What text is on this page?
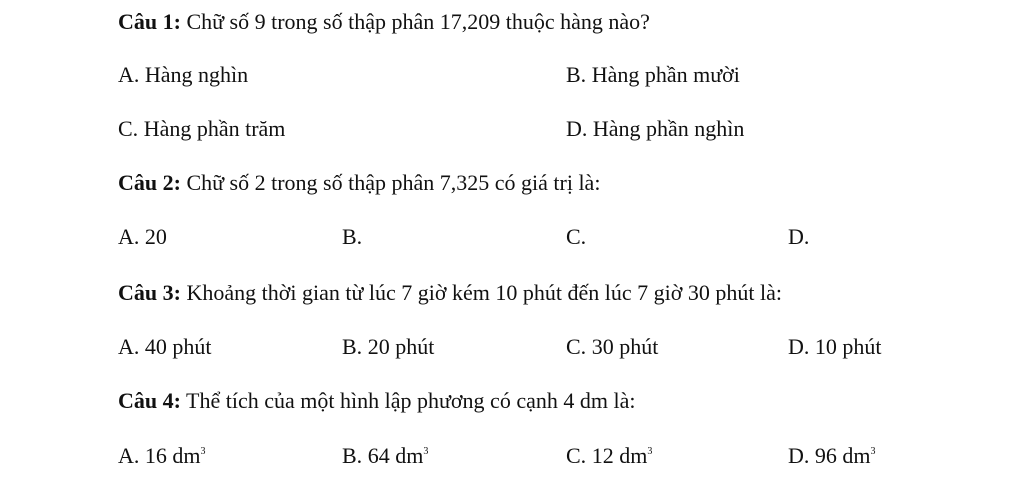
Câu 1: Chữ số 9 trong số thập phân 17,209 thuộc hàng nào?
A. Hàng nghìn	B. Hàng phần mười
C. Hàng phần trăm	D. Hàng phần nghìn
Câu 2: Chữ số 2 trong số thập phân 7,325 có giá trị là:
A. 20	B.	C.	D.
Câu 3: Khoảng thời gian từ lúc 7 giờ kém 10 phút đến lúc 7 giờ 30 phút là:
A. 40 phút	B. 20 phút	C. 30 phút	D. 10 phút
Câu 4: Thể tích của một hình lập phương có cạnh 4 dm là:
A. 16 $dm^3$	B. 64 $dm^3$	C. 12 $dm^3$	D. 96 $dm^3$
